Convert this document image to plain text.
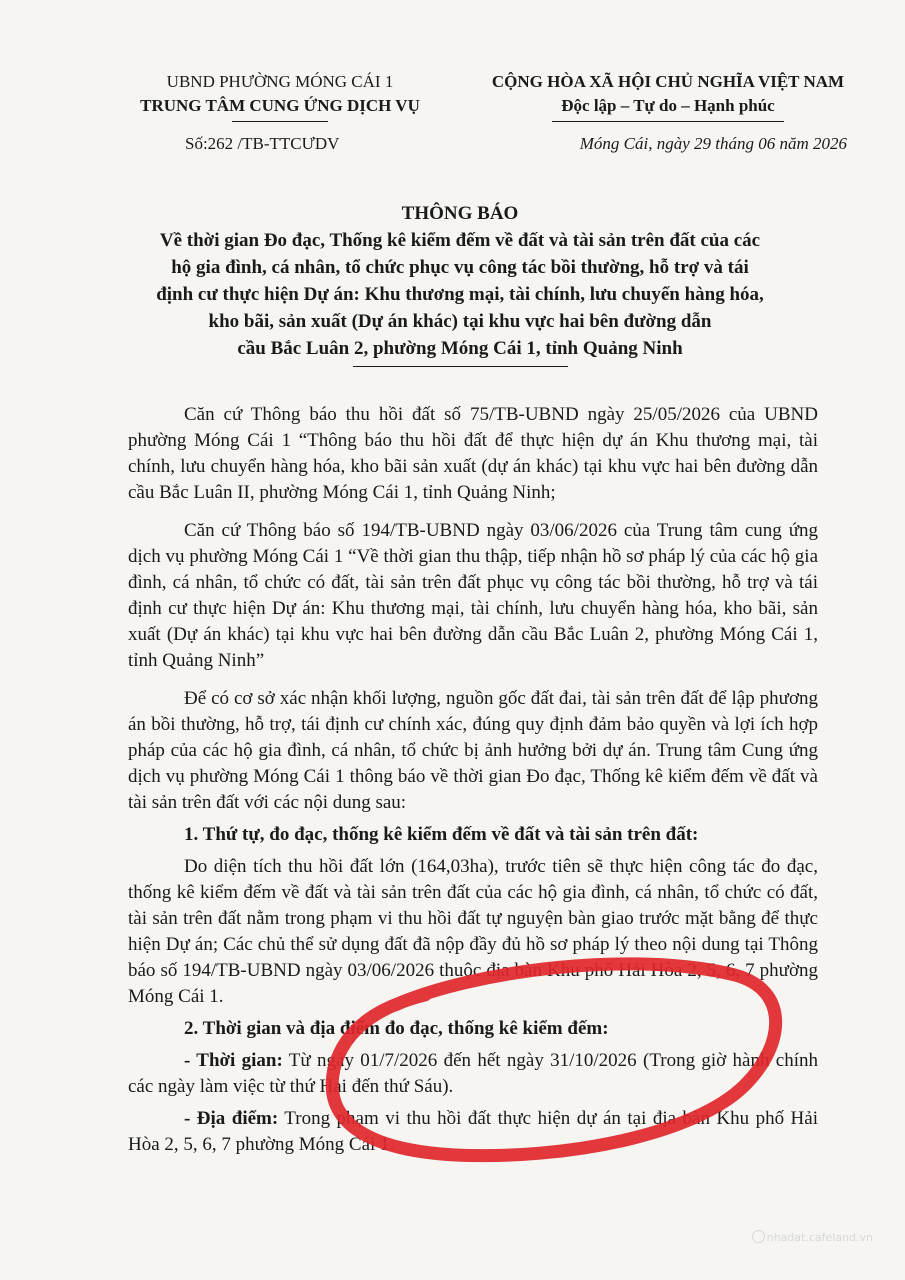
UBND PHƯỜNG MÓNG CÁI 1
TRUNG TÂM CUNG ỨNG DỊCH VỤ
CỘNG HÒA XÃ HỘI CHỦ NGHĨA VIỆT NAM
Độc lập – Tự do – Hạnh phúc
Số:262 /TB-TTCƯDV	Móng Cái, ngày 29 tháng 06 năm 2026
THÔNG BÁO
Về thời gian Đo đạc, Thống kê kiểm đếm về đất và tài sản trên đất của các
hộ gia đình, cá nhân, tổ chức phục vụ công tác bồi thường, hỗ trợ và tái
định cư thực hiện Dự án: Khu thương mại, tài chính, lưu chuyển hàng hóa,
kho bãi, sản xuất (Dự án khác) tại khu vực hai bên đường dẫn
cầu Bắc Luân 2, phường Móng Cái 1, tỉnh Quảng Ninh

Căn cứ Thông báo thu hồi đất số 75/TB-UBND ngày 25/05/2026 của UBND phường Móng Cái 1 “Thông báo thu hồi đất để thực hiện dự án Khu thương mại, tài chính, lưu chuyển hàng hóa, kho bãi sản xuất (dự án khác) tại khu vực hai bên đường dẫn cầu Bắc Luân II, phường Móng Cái 1, tỉnh Quảng Ninh;

Căn cứ Thông báo số 194/TB-UBND ngày 03/06/2026 của Trung tâm cung ứng dịch vụ phường Móng Cái 1 “Về thời gian thu thập, tiếp nhận hồ sơ pháp lý của các hộ gia đình, cá nhân, tổ chức có đất, tài sản trên đất phục vụ công tác bồi thường, hỗ trợ và tái định cư thực hiện Dự án: Khu thương mại, tài chính, lưu chuyển hàng hóa, kho bãi, sản xuất (Dự án khác) tại khu vực hai bên đường dẫn cầu Bắc Luân 2, phường Móng Cái 1, tỉnh Quảng Ninh”

Để có cơ sở xác nhận khối lượng, nguồn gốc đất đai, tài sản trên đất để lập phương án bồi thường, hỗ trợ, tái định cư chính xác, đúng quy định đảm bảo quyền và lợi ích hợp pháp của các hộ gia đình, cá nhân, tổ chức bị ảnh hưởng bởi dự án. Trung tâm Cung ứng dịch vụ phường Móng Cái 1 thông báo về thời gian Đo đạc, Thống kê kiểm đếm về đất và tài sản trên đất với các nội dung sau:

1. Thứ tự, đo đạc, thống kê kiểm đếm về đất và tài sản trên đất:

Do diện tích thu hồi đất lớn (164,03ha), trước tiên sẽ thực hiện công tác đo đạc, thống kê kiểm đếm về đất và tài sản trên đất của các hộ gia đình, cá nhân, tổ chức có đất, tài sản trên đất nằm trong phạm vi thu hồi đất tự nguyện bàn giao trước mặt bằng để thực hiện Dự án; Các chủ thể sử dụng đất đã nộp đầy đủ hồ sơ pháp lý theo nội dung tại Thông báo số 194/TB-UBND ngày 03/06/2026 thuộc địa bàn Khu phố Hải Hòa 2, 5, 6, 7 phường Móng Cái 1.

2. Thời gian và địa điểm đo đạc, thống kê kiểm đếm:

- Thời gian: Từ ngày 01/7/2026 đến hết ngày 31/10/2026 (Trong giờ hành chính các ngày làm việc từ thứ Hai đến thứ Sáu).

- Địa điểm: Trong phạm vi thu hồi đất thực hiện dự án tại địa bàn Khu phố Hải Hòa 2, 5, 6, 7 phường Móng Cái 1.

nhadat.cafeland.vn
